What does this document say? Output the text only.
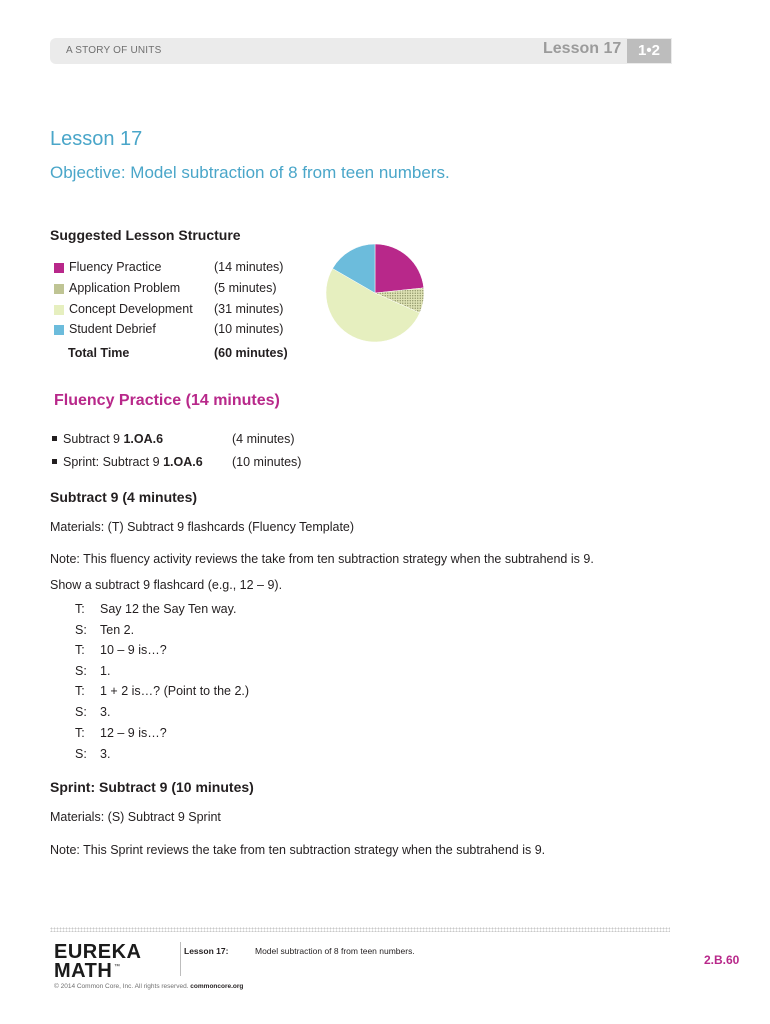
A STORY OF UNITS	Lesson 17	1•2
Lesson 17
Objective: Model subtraction of 8 from teen numbers.
Suggested Lesson Structure
Fluency Practice	(14 minutes)
Application Problem	(5 minutes)
Concept Development (31 minutes)
Student Debrief	(10 minutes)
Total Time	(60 minutes)
Fluency Practice (14 minutes)
Subtract 9 1.OA.6	(4 minutes)
Sprint: Subtract 9 1.OA.6 (10 minutes)
Subtract 9 (4 minutes)
Materials: (T) Subtract 9 flashcards (Fluency Template)
Note: This fluency activity reviews the take from ten subtraction strategy when the subtrahend is 9.
Show a subtract 9 flashcard (e.g., 12 – 9).
T: Say 12 the Say Ten way.
S: Ten 2.
T: 10 – 9 is…?
S: 1.
T: 1 + 2 is…? (Point to the 2.)
S: 3.
T: 12 – 9 is…?
S: 3.
Sprint: Subtract 9 (10 minutes)
Materials: (S) Subtract 9 Sprint
Note: This Sprint reviews the take from ten subtraction strategy when the subtrahend is 9.
EUREKA
MATH ™
Lesson 17:	Model subtraction of 8 from teen numbers.
2.B.60
© 2014 Common Core, Inc. All rights reserved. commoncore.org
